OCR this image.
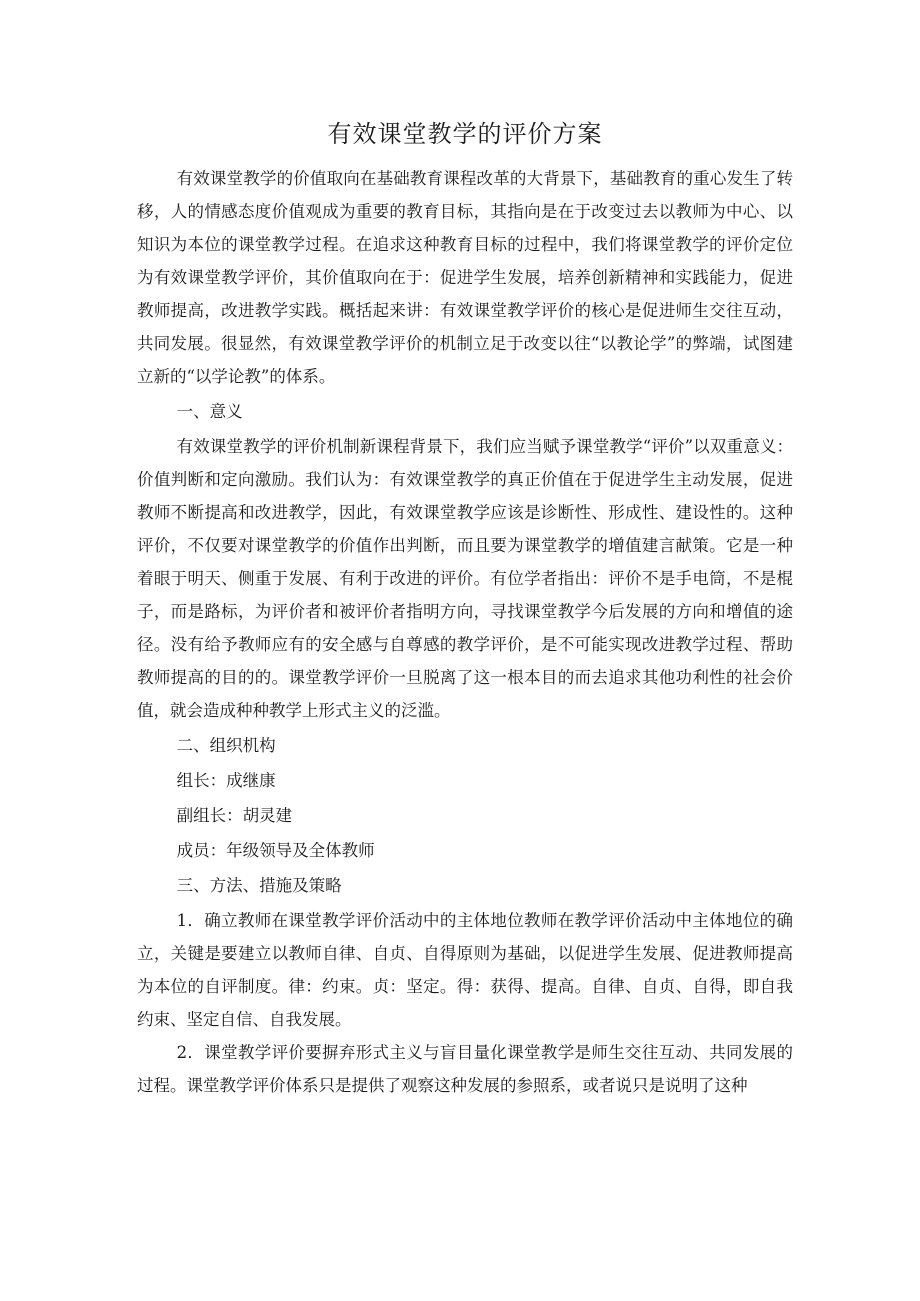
有效课堂教学的评价方案

有效课堂教学的价值取向在基础教育课程改革的大背景下，基础教育的重心发生了转移，人的情感态度价值观成为重要的教育目标，其指向是在于改变过去以教师为中心、以知识为本位的课堂教学过程。在追求这种教育目标的过程中，我们将课堂教学的评价定位为有效课堂教学评价，其价值取向在于：促进学生发展，培养创新精神和实践能力，促进教师提高，改进教学实践。概括起来讲：有效课堂教学评价的核心是促进师生交往互动，共同发展。很显然，有效课堂教学评价的机制立足于改变以往“以教论学”的弊端，试图建立新的“以学论教”的体系。

一、意义

有效课堂教学的评价机制新课程背景下，我们应当赋予课堂教学“评价”以双重意义：价值判断和定向激励。我们认为：有效课堂教学的真正价值在于促进学生主动发展，促进教师不断提高和改进教学，因此，有效课堂教学应该是诊断性、形成性、建设性的。这种评价，不仅要对课堂教学的价值作出判断，而且要为课堂教学的增值建言献策。它是一种着眼于明天、侧重于发展、有利于改进的评价。有位学者指出：评价不是手电筒，不是棍子，而是路标，为评价者和被评价者指明方向，寻找课堂教学今后发展的方向和增值的途径。没有给予教师应有的安全感与自尊感的教学评价，是不可能实现改进教学过程、帮助教师提高的目的的。课堂教学评价一旦脱离了这一根本目的而去追求其他功利性的社会价值，就会造成种种教学上形式主义的泛滥。

二、组织机构

组长：成继康

副组长：胡灵建

成员：年级领导及全体教师

三、方法、措施及策略

1．确立教师在课堂教学评价活动中的主体地位教师在教学评价活动中主体地位的确立，关键是要建立以教师自律、自贞、自得原则为基础，以促进学生发展、促进教师提高为本位的自评制度。律：约束。贞：坚定。得：获得、提高。自律、自贞、自得，即自我约束、坚定自信、自我发展。

2．课堂教学评价要摒弃形式主义与盲目量化课堂教学是师生交往互动、共同发展的过程。课堂教学评价体系只是提供了观察这种发展的参照系，或者说只是说明了这种
